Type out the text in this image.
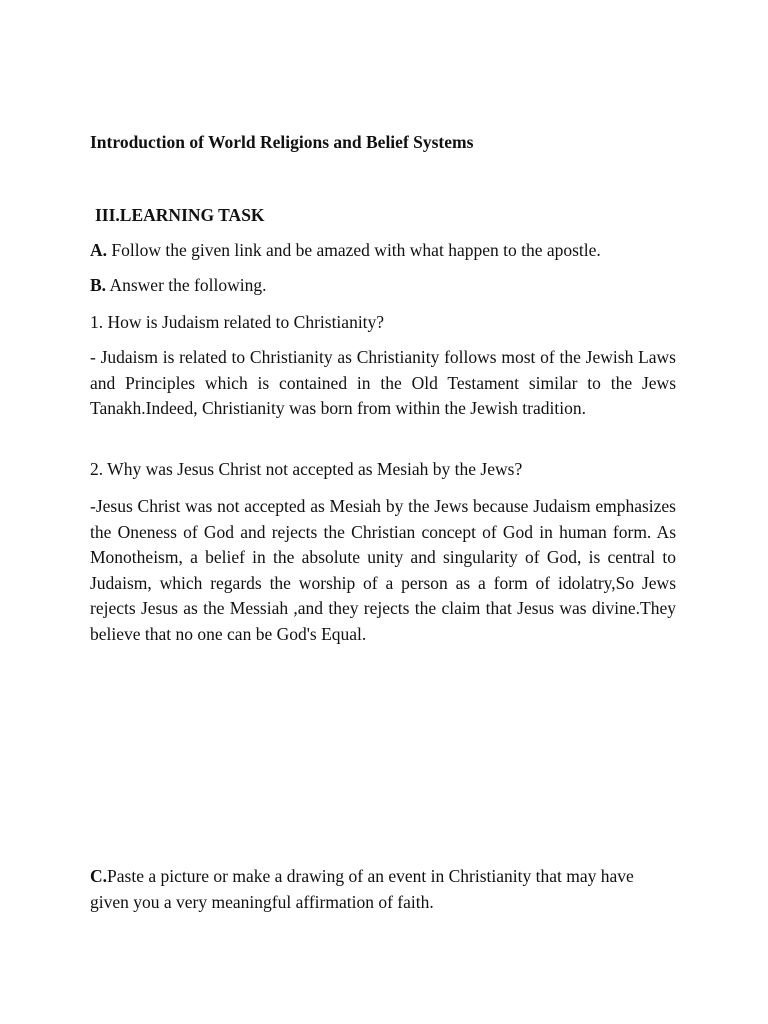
Introduction of World Religions and Belief Systems

III.LEARNING TASK

A. Follow the given link and be amazed with what happen to the apostle.

B. Answer the following.

1. How is Judaism related to Christianity?

- Judaism is related to Christianity as Christianity follows most of the Jewish Laws and Principles which is contained in the Old Testament similar to the Jews Tanakh.Indeed, Christianity was born from within the Jewish tradition.

2. Why was Jesus Christ not accepted as Mesiah by the Jews?

-Jesus Christ was not accepted as Mesiah by the Jews because Judaism emphasizes the Oneness of God and rejects the Christian concept of God in human form. As Monotheism, a belief in the absolute unity and singularity of God, is central to Judaism, which regards the worship of a person as a form of idolatry,So Jews rejects Jesus as the Messiah ,and they rejects the claim that Jesus was divine.They believe that no one can be God's Equal.

C.Paste a picture or make a drawing of an event in Christianity that may have given you a very meaningful affirmation of faith.
